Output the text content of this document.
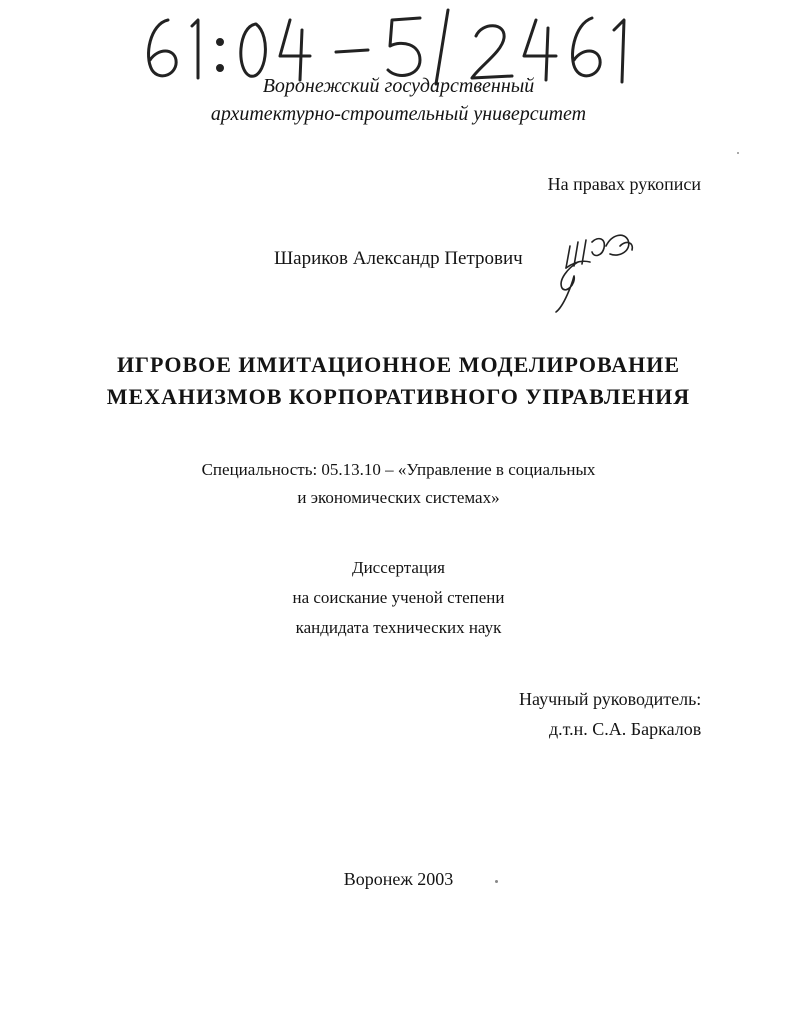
Воронежский государственный
архитектурно-строительный университет
На правах рукописи
Шариков Александр Петрович
ИГРОВОЕ ИМИТАЦИОННОЕ МОДЕЛИРОВАНИЕ
МЕХАНИЗМОВ КОРПОРАТИВНОГО УПРАВЛЕНИЯ
Специальность: 05.13.10 – «Управление в социальных
и экономических системах»
Диссертация
на соискание ученой степени
кандидата технических наук
Научный руководитель:
д.т.н. С.А. Баркалов
Воронеж 2003
